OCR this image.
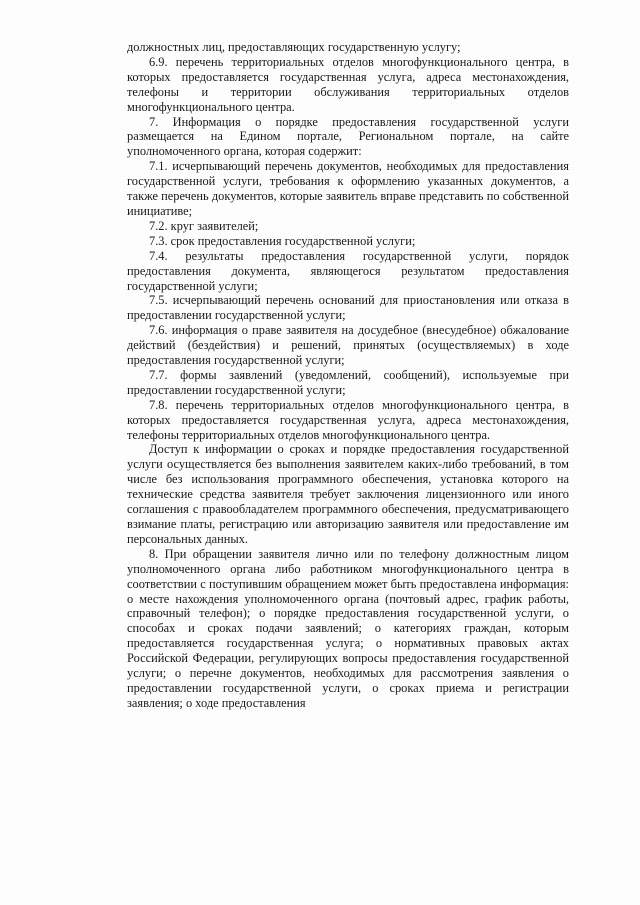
должностных лиц, предоставляющих государственную услугу;

6.9. перечень территориальных отделов многофункционального центра, в которых предоставляется государственная услуга, адреса местонахождения, телефоны и территории обслуживания территориальных отделов многофункционального центра.

7. Информация о порядке предоставления государственной услуги размещается на Едином портале, Региональном портале, на сайте уполномоченного органа, которая содержит:

7.1. исчерпывающий перечень документов, необходимых для предоставления государственной услуги, требования к оформлению указанных документов, а также перечень документов, которые заявитель вправе представить по собственной инициативе;

7.2. круг заявителей;

7.3. срок предоставления государственной услуги;

7.4. результаты предоставления государственной услуги, порядок предоставления документа, являющегося результатом предоставления государственной услуги;

7.5. исчерпывающий перечень оснований для приостановления или отказа в предоставлении государственной услуги;

7.6. информация о праве заявителя на досудебное (внесудебное) обжалование действий (бездействия) и решений, принятых (осуществляемых) в ходе предоставления государственной услуги;

7.7. формы заявлений (уведомлений, сообщений), используемые при предоставлении государственной услуги;

7.8. перечень территориальных отделов многофункционального центра, в которых предоставляется государственная услуга, адреса местонахождения, телефоны территориальных отделов многофункционального центра.

Доступ к информации о сроках и порядке предоставления государственной услуги осуществляется без выполнения заявителем каких-либо требований, в том числе без использования программного обеспечения, установка которого на технические средства заявителя требует заключения лицензионного или иного соглашения с правообладателем программного обеспечения, предусматривающего взимание платы, регистрацию или авторизацию заявителя или предоставление им персональных данных.

8. При обращении заявителя лично или по телефону должностным лицом уполномоченного органа либо работником многофункционального центра в соответствии с поступившим обращением может быть предоставлена информация: о месте нахождения уполномоченного органа (почтовый адрес, график работы, справочный телефон); о порядке предоставления государственной услуги, о способах и сроках подачи заявлений; о категориях граждан, которым предоставляется государственная услуга; о нормативных правовых актах Российской Федерации, регулирующих вопросы предоставления государственной услуги; о перечне документов, необходимых для рассмотрения заявления о предоставлении государственной услуги, о сроках приема и регистрации заявления; о ходе предоставления
